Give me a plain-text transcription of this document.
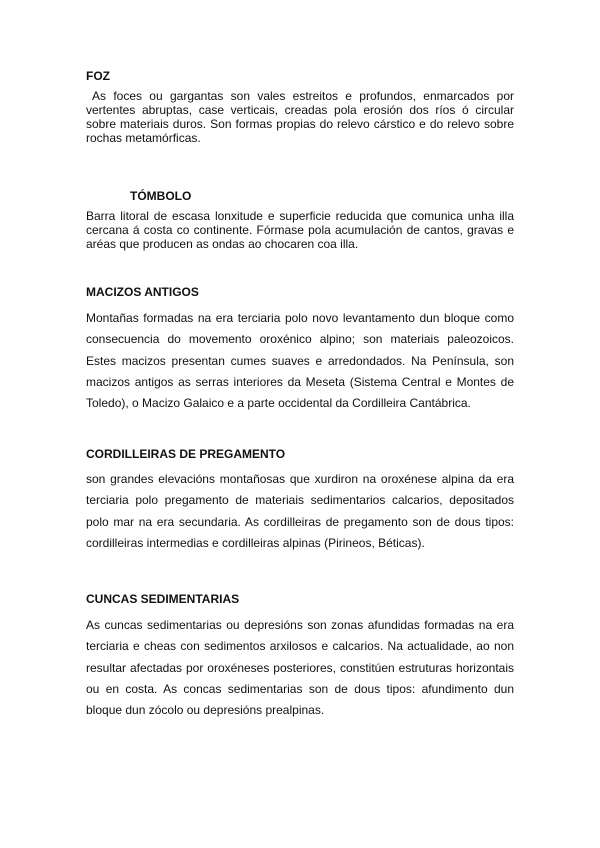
FOZ

As foces ou gargantas son vales estreitos e profundos, enmarcados por vertentes abruptas, case verticais, creadas pola erosión dos ríos ó circular sobre materiais duros. Son formas propias do relevo cárstico e do relevo sobre rochas metamórficas.

TÓMBOLO

Barra litoral de escasa lonxitude e superficie reducida que comunica unha illa cercana á costa co continente. Fórmase pola acumulación de cantos, gravas e aréas que producen as ondas ao chocaren coa illa.

MACIZOS ANTIGOS

Montañas formadas na era terciaria polo novo levantamento dun bloque como consecuencia do movemento oroxénico alpino; son materiais paleozoicos. Estes macizos presentan cumes suaves e arredondados. Na Península, son macizos antigos as serras interiores da Meseta (Sistema Central e Montes de Toledo), o Macizo Galaico e a parte occidental da Cordilleira Cantábrica.

CORDILLEIRAS DE PREGAMENTO

son grandes elevacións montañosas que xurdiron na oroxénese alpina da era terciaria polo pregamento de materiais sedimentarios calcarios, depositados polo mar na era secundaria. As cordilleiras de pregamento son de dous tipos: cordilleiras intermedias e cordilleiras alpinas (Pirineos, Béticas).

CUNCAS SEDIMENTARIAS

As cuncas sedimentarias ou depresións son zonas afundidas formadas na era terciaria e cheas con sedimentos arxilosos e calcarios. Na actualidade, ao non resultar afectadas por oroxéneses posteriores, constitúen estruturas horizontais ou en costa. As concas sedimentarias son de dous tipos: afundimento dun bloque dun zócolo ou depresións prealpinas.
